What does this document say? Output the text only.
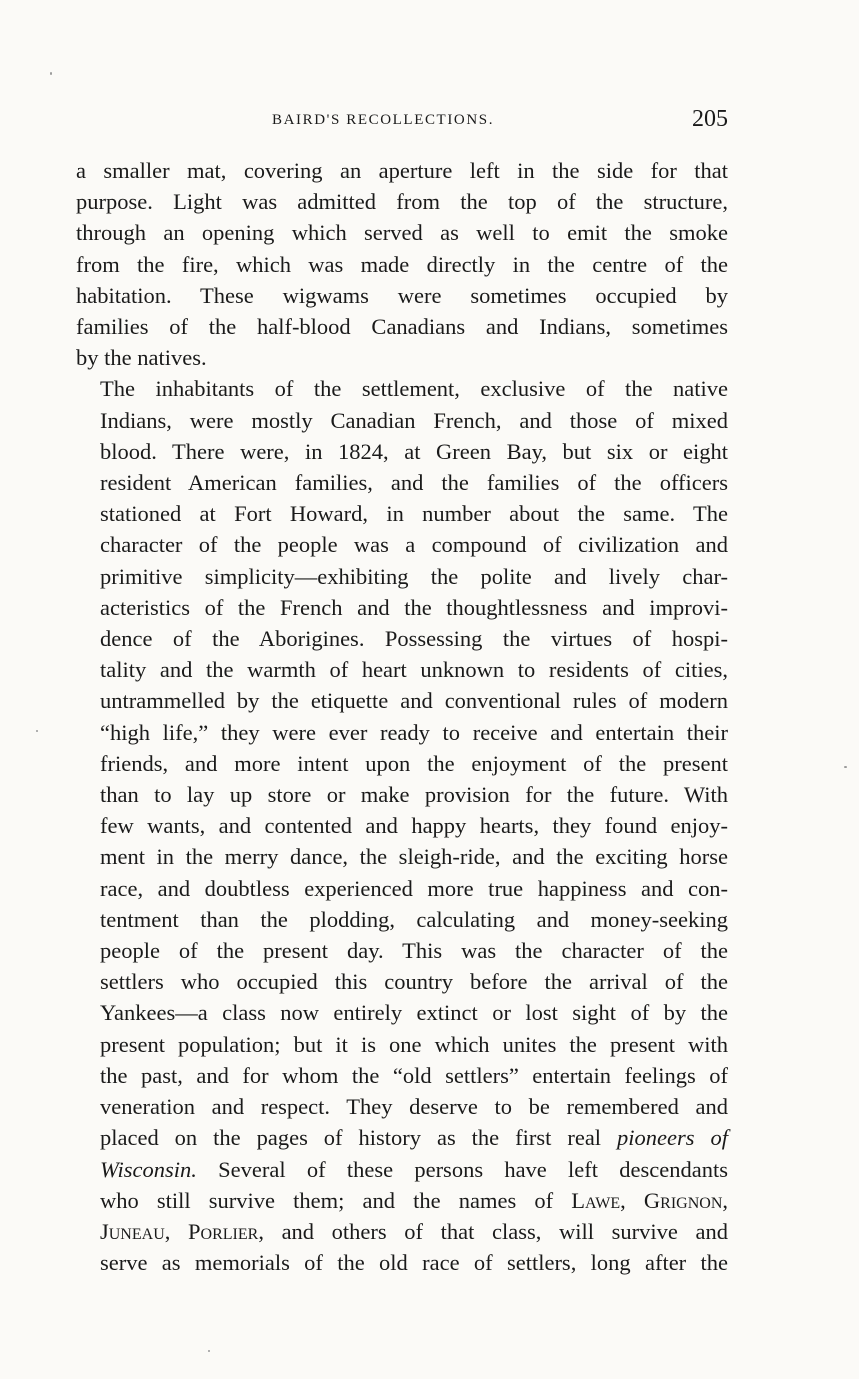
BAIRD'S RECOLLECTIONS.	205

a smaller mat, covering an aperture left in the side for that
purpose. Light was admitted from the top of the structure,
through an opening which served as well to emit the smoke
from the fire, which was made directly in the centre of the
habitation. These wigwams were sometimes occupied by
families of the half-blood Canadians and Indians, sometimes
by the natives.

The inhabitants of the settlement, exclusive of the native
Indians, were mostly Canadian French, and those of mixed
blood. There were, in 1824, at Green Bay, but six or eight
resident American families, and the families of the officers
stationed at Fort Howard, in number about the same. The
character of the people was a compound of civilization and
primitive simplicity—exhibiting the polite and lively char-
acteristics of the French and the thoughtlessness and improvi-
dence of the Aborigines. Possessing the virtues of hospi-
tality and the warmth of heart unknown to residents of cities,
untrammelled by the etiquette and conventional rules of modern
“high life,” they were ever ready to receive and entertain their
friends, and more intent upon the enjoyment of the present
than to lay up store or make provision for the future. With
few wants, and contented and happy hearts, they found enjoy-
ment in the merry dance, the sleigh-ride, and the exciting horse
race, and doubtless experienced more true happiness and con-
tentment than the plodding, calculating and money-seeking
people of the present day. This was the character of the
settlers who occupied this country before the arrival of the
Yankees—a class now entirely extinct or lost sight of by the
present population; but it is one which unites the present with
the past, and for whom the “old settlers” entertain feelings of
veneration and respect. They deserve to be remembered and
placed on the pages of history as the first real pioneers of
Wisconsin. Several of these persons have left descendants
who still survive them; and the names of Lawe, Grignon,
Juneau, Porlier, and others of that class, will survive and
serve as memorials of the old race of settlers, long after the
